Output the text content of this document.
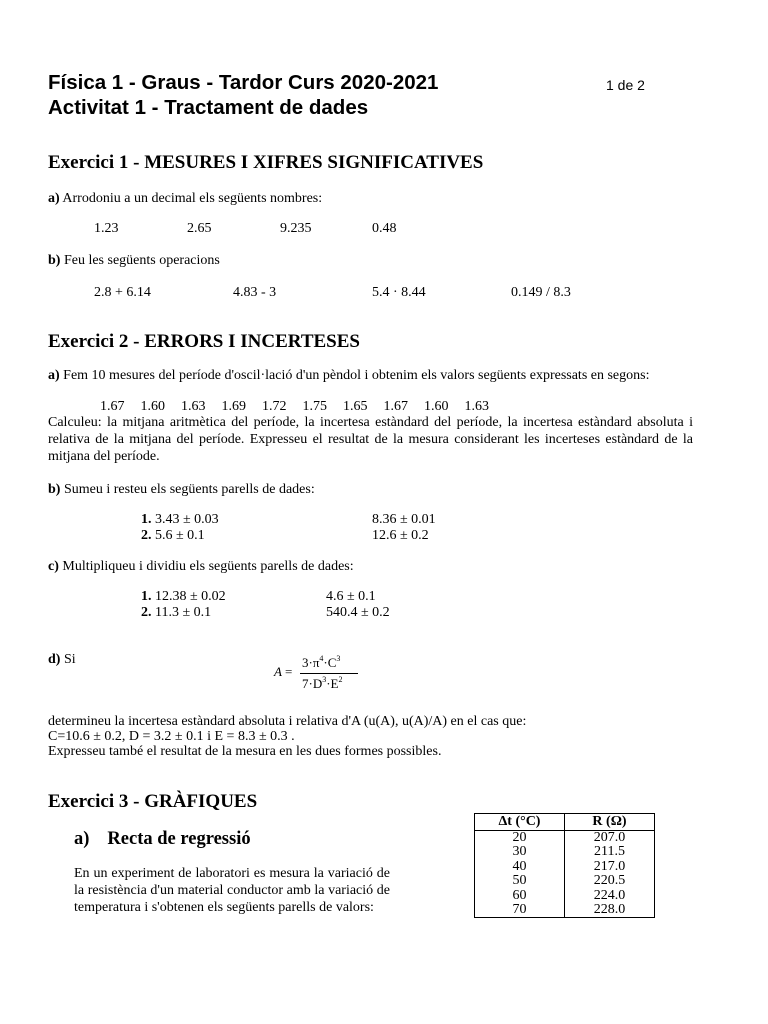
Física 1 - Graus - Tardor Curs 2020-2021	1 de 2
Activitat 1 - Tractament de dades
Exercici 1 - MESURES I XIFRES SIGNIFICATIVES
a) Arrodoniu a un decimal els següents nombres:
1.23	2.65	9.235	0.48
b) Feu les següents operacions
2.8 + 6.14	4.83 - 3	5.4 · 8.44	0.149 / 8.3
Exercici 2 - ERRORS I INCERTESES
a) Fem 10 mesures del període d'oscil·lació d'un pèndol i obtenim els valors següents expressats en segons:
1.67 1.60 1.63 1.69 1.72 1.75 1.65 1.67 1.60 1.63
Calculeu: la mitjana aritmètica del període, la incertesa estàndard del període, la incertesa estàndard absoluta i relativa de la mitjana del període. Expresseu el resultat de la mesura considerant les incerteses estàndard de la mitjana del període.
b) Sumeu i resteu els següents parells de dades:
1. 3.43 ± 0.03	8.36 ± 0.01
2. 5.6 ± 0.1	12.6 ± 0.2
c) Multipliqueu i dividiu els següents parells de dades:
1. 12.38 ± 0.02	4.6 ± 0.1
2. 11.3 ± 0.1	540.4 ± 0.2
d) Si
A =
$3\cdot\pi^4\cdot C^3$
$7\cdot D^3\cdot E^2$
determineu la incertesa estàndard absoluta i relativa d'A (u(A), u(A)/A) en el cas que:
C=10.6 ± 0.2, D = 3.2 ± 0.1 i E = 8.3 ± 0.3 .
Expresseu també el resultat de la mesura en les dues formes possibles.
Exercici 3 - GRÀFIQUES
a) Recta de regressió
En un experiment de laboratori es mesura la variació de la resistència d'un material conductor amb la variació de temperatura i s'obtenen els següents parells de valors:
Δt (°C)	R (Ω)
20	207.0
30	211.5
40	217.0
50	220.5
60	224.0
70	228.0
